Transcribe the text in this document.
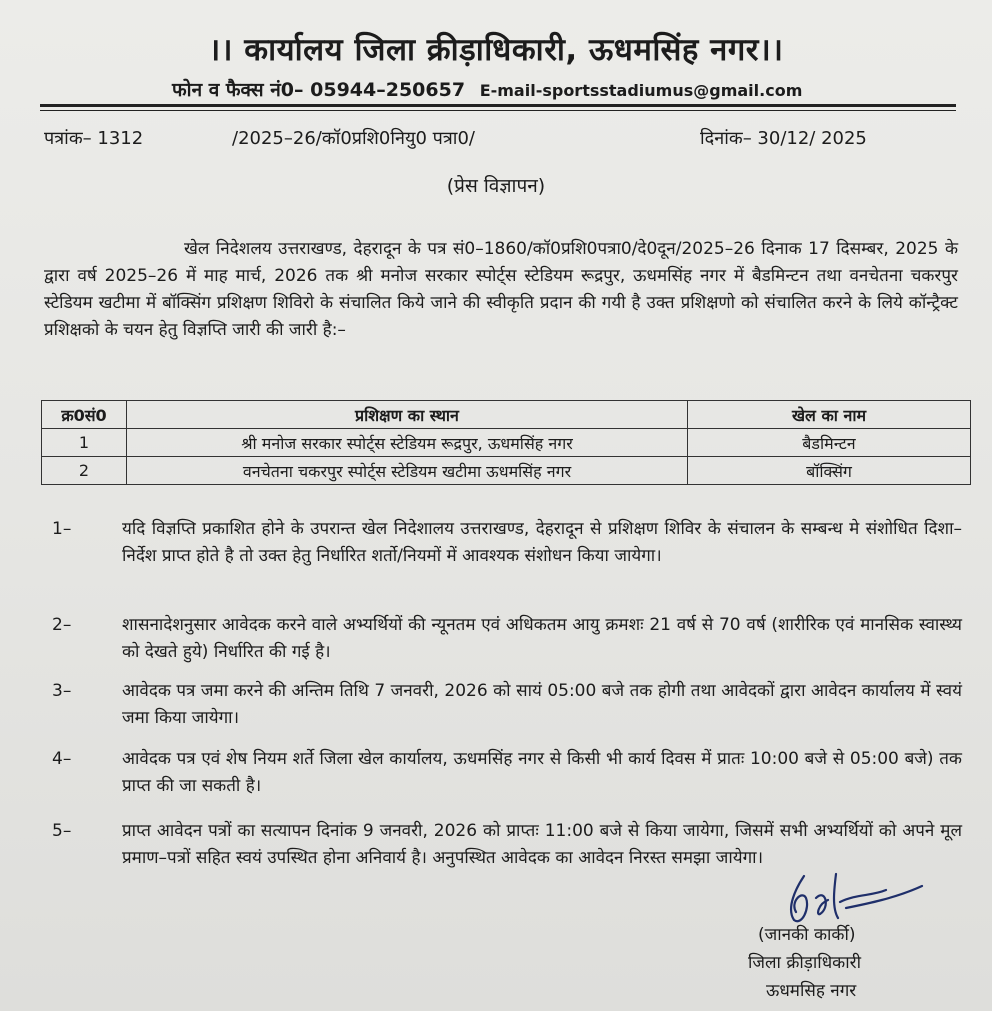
।। कार्यालय जिला क्रीड़ाधिकारी, ऊधमसिंह नगर।।
फोन व फैक्स नं0– 05944–250657 E-mail-sportsstadiumus@gmail.com
पत्रांक– 1312	/2025–26/कॉ0प्रशि0नियु0 पत्रा0/	दिनांक– 30/12/ 2025
(प्रेस विज्ञापन)

खेल निदेशलय उत्तराखण्ड, देहरादून के पत्र सं0–1860/कॉ0प्रशि0पत्रा0/दे0दून/2025–26 दिनाक 17 दिसम्बर, 2025 के द्वारा वर्ष 2025–26 में माह मार्च, 2026 तक श्री मनोज सरकार स्पोर्ट्स स्टेडियम रूद्रपुर, ऊधमसिंह नगर में बैडमिन्टन तथा वनचेतना चकरपुर स्टेडियम खटीमा में बॉक्सिंग प्रशिक्षण शिविरो के संचालित किये जाने की स्वीकृति प्रदान की गयी है उक्त प्रशिक्षणो को संचालित करने के लिये कॉन्ट्रैक्ट प्रशिक्षको के चयन हेतु विज्ञप्ति जारी की जारी है:–

क्र0सं0	प्रशिक्षण का स्थान	खेल का नाम
1	श्री मनोज सरकार स्पोर्ट्स स्टेडियम रूद्रपुर, ऊधमसिंह नगर	बैडमिन्टन
2	वनचेतना चकरपुर स्पोर्ट्स स्टेडियम खटीमा ऊधमसिंह नगर	बॉक्सिंग
1–	यदि विज्ञप्ति प्रकाशित होने के उपरान्त खेल निदेशालय उत्तराखण्ड, देहरादून से प्रशिक्षण शिविर के संचालन के सम्बन्ध मे संशोधित दिशा–निर्देश प्राप्त होते है तो उक्त हेतु निर्धारित शर्तो/नियमों में आवश्यक संशोधन किया जायेगा।
2–	शासनादेशनुसार आवेदक करने वाले अभ्यर्थियों की न्यूनतम एवं अधिकतम आयु क्रमशः 21 वर्ष से 70 वर्ष (शारीरिक एवं मानसिक स्वास्थ्य को देखते हुये) निर्धारित की गई है।
3–	आवेदक पत्र जमा करने की अन्तिम तिथि 7 जनवरी, 2026 को सायं 05:00 बजे तक होगी तथा आवेदकों द्वारा आवेदन कार्यालय में स्वयं जमा किया जायेगा।
4–	आवेदक पत्र एवं शेष नियम शर्ते जिला खेल कार्यालय, ऊधमसिंह नगर से किसी भी कार्य दिवस में प्रातः 10:00 बजे से 05:00 बजे) तक प्राप्त की जा सकती है।
5–	प्राप्त आवेदन पत्रों का सत्यापन दिनांक 9 जनवरी, 2026 को प्राप्तः 11:00 बजे से किया जायेगा, जिसमें सभी अभ्यर्थियों को अपने मूल प्रमाण–पत्रों सहित स्वयं उपस्थित होना अनिवार्य है। अनुपस्थित आवेदक का आवेदन निरस्त समझा जायेगा।
(जानकी कार्की)
जिला क्रीड़ाधिकारी
ऊधमसिह नगर
